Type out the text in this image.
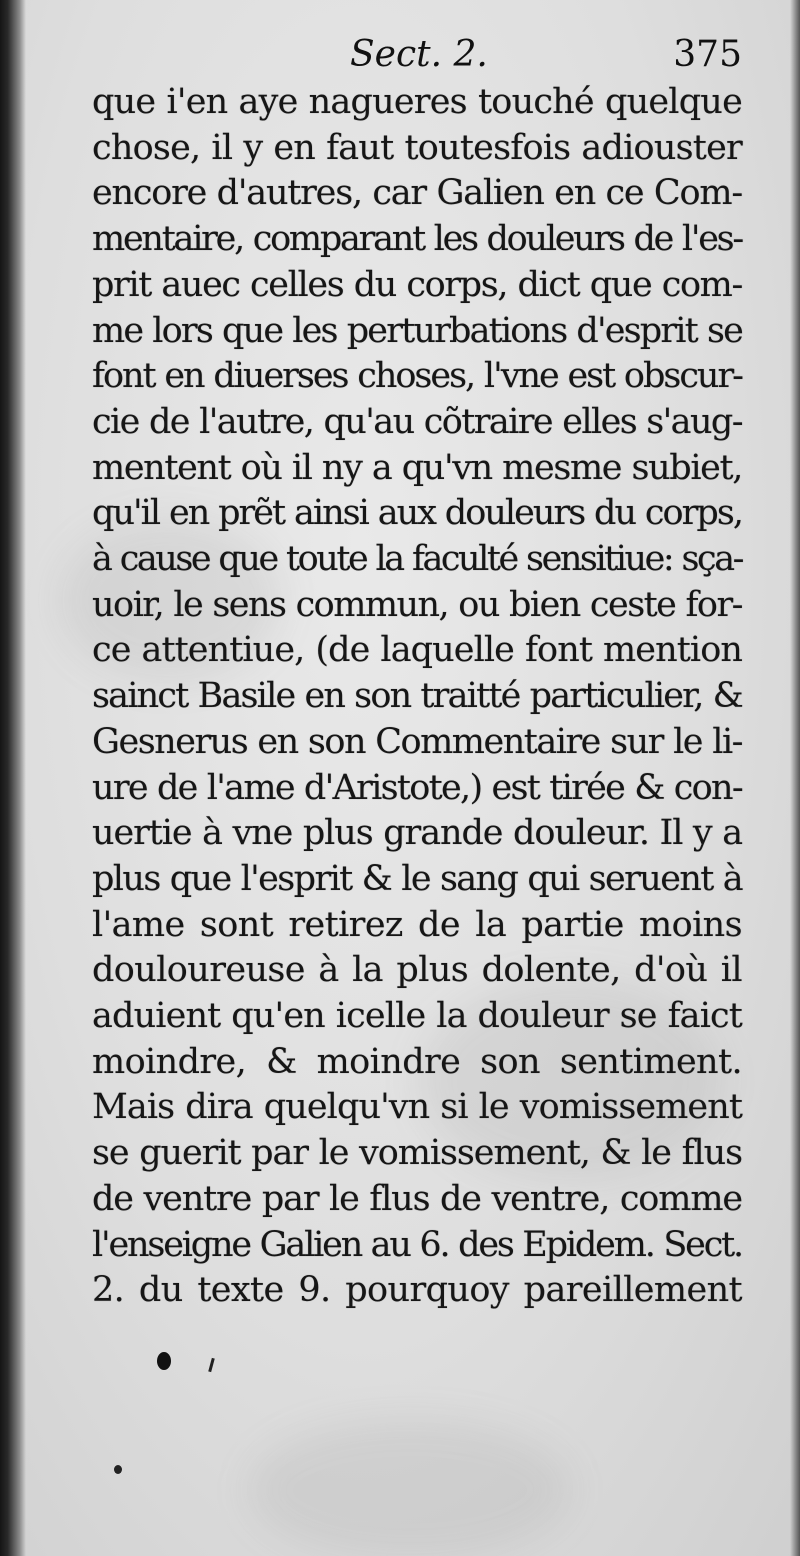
Sect. 2.	375
que i'en aye nagueres touché quelque
chose, il y en faut toutesfois adiouster
encore d'autres, car Galien en ce Com-
mentaire, comparant les douleurs de l'es-
prit auec celles du corps, dict que com-
me lors que les perturbations d'esprit se
font en diuerses choses, l'vne est obscur-
cie de l'autre, qu'au cõtraire elles s'aug-
mentent où il ny a qu'vn mesme subiet,
qu'il en prẽt ainsi aux douleurs du corps,
à cause que toute la faculté sensitiue: sça-
uoir, le sens commun, ou bien ceste for-
ce attentiue, (de laquelle font mention
sainct Basile en son traitté particulier, &
Gesnerus en son Commentaire sur le li-
ure de l'ame d'Aristote,) est tirée & con-
uertie à vne plus grande douleur. Il y a
plus que l'esprit & le sang qui seruent à
l'ame sont retirez de la partie moins
douloureuse à la plus dolente, d'où il
aduient qu'en icelle la douleur se faict
moindre, & moindre son sentiment.
Mais dira quelqu'vn si le vomissement
se guerit par le vomissement, & le flus
de ventre par le flus de ventre, comme
l'enseigne Galien au 6. des Epidem. Sect.
2. du texte 9. pourquoy pareillement
